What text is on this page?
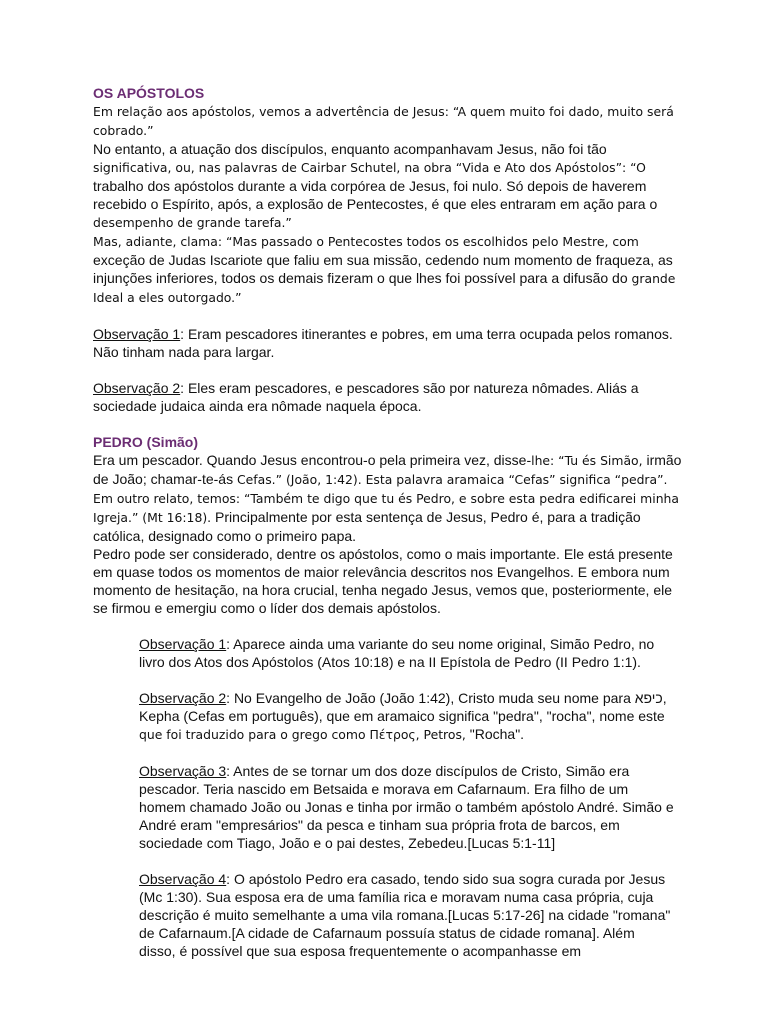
OS APÓSTOLOS

Em relação aos apóstolos, vemos a advertência de Jesus: “A quem muito foi dado, muito será cobrado.”

No entanto, a atuação dos discípulos, enquanto acompanhavam Jesus, não foi tão significativa, ou, nas palavras de Cairbar Schutel, na obra “Vida e Ato dos Apóstolos”: “O trabalho dos apóstolos durante a vida corpórea de Jesus, foi nulo. Só depois de haverem recebido o Espírito, após, a explosão de Pentecostes, é que eles entraram em ação para o desempenho de grande tarefa.”

Mas, adiante, clama: “Mas passado o Pentecostes todos os escolhidos pelo Mestre, com exceção de Judas Iscariote que faliu em sua missão, cedendo num momento de fraqueza, as injunções inferiores, todos os demais fizeram o que lhes foi possível para a difusão do grande Ideal a eles outorgado.”

Observação 1: Eram pescadores itinerantes e pobres, em uma terra ocupada pelos romanos. Não tinham nada para largar.

Observação 2: Eles eram pescadores, e pescadores são por natureza nômades. Aliás a sociedade judaica ainda era nômade naquela época.

PEDRO (Simão)

Era um pescador. Quando Jesus encontrou-o pela primeira vez, disse-lhe: “Tu és Simão, irmão de João; chamar-te-ás Cefas.” (João, 1:42). Esta palavra aramaica “Cefas” significa “pedra”. Em outro relato, temos: “Também te digo que tu és Pedro, e sobre esta pedra edificarei minha Igreja.” (Mt 16:18). Principalmente por esta sentença de Jesus, Pedro é, para a tradição católica, designado como o primeiro papa.

Pedro pode ser considerado, dentre os apóstolos, como o mais importante. Ele está presente em quase todos os momentos de maior relevância descritos nos Evangelhos. E embora num momento de hesitação, na hora crucial, tenha negado Jesus, vemos que, posteriormente, ele se firmou e emergiu como o líder dos demais apóstolos.

Observação 1: Aparece ainda uma variante do seu nome original, Simão Pedro, no livro dos Atos dos Apóstolos (Atos 10:18) e na II Epístola de Pedro (II Pedro 1:1).

Observação 2: No Evangelho de João (João 1:42), Cristo muda seu nome para כיפא, Kepha (Cefas em português), que em aramaico significa "pedra", "rocha", nome este que foi traduzido para o grego como Πέτρος, Petros, "Rocha".

Observação 3: Antes de se tornar um dos doze discípulos de Cristo, Simão era pescador. Teria nascido em Betsaida e morava em Cafarnaum. Era filho de um homem chamado João ou Jonas e tinha por irmão o também apóstolo André. Simão e André eram "empresários" da pesca e tinham sua própria frota de barcos, em sociedade com Tiago, João e o pai destes, Zebedeu.[Lucas 5:1-11]

Observação 4: O apóstolo Pedro era casado, tendo sido sua sogra curada por Jesus (Mc 1:30). Sua esposa era de uma família rica e moravam numa casa própria, cuja descrição é muito semelhante a uma vila romana.[Lucas 5:17-26] na cidade "romana" de Cafarnaum.[A cidade de Cafarnaum possuía status de cidade romana]. Além disso, é possível que sua esposa frequentemente o acompanhasse em
